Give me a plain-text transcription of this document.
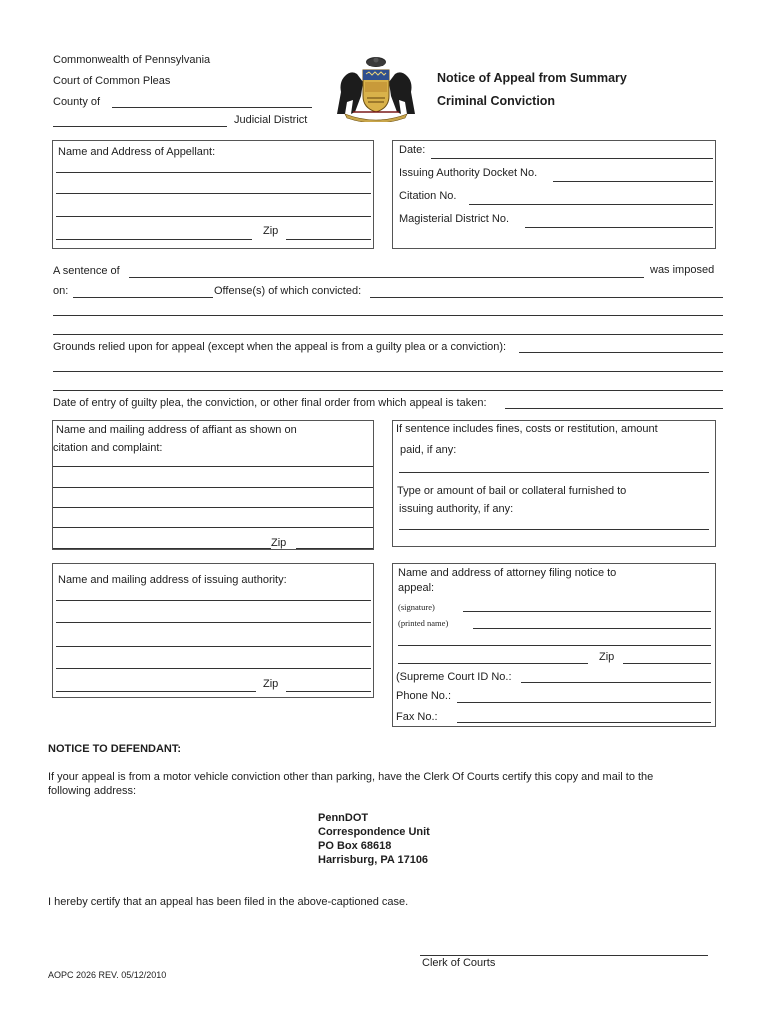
Commonwealth of Pennsylvania
Court of Common Pleas
County of
Judicial District
Notice of Appeal from Summary
Criminal Conviction
Name and Address of Appellant:
Zip
Date:
Issuing Authority Docket No.
Citation No.
Magisterial District No.
A sentence of	was imposed
on:	Offense(s) of which convicted:
Grounds relied upon for appeal (except when the appeal is from a guilty plea or a conviction):
Date of entry of guilty plea, the conviction, or other final order from which appeal is taken:
Name and mailing address of affiant as shown on
citation and complaint:
Zip
If sentence includes fines, costs or restitution, amount
paid, if any:
Type or amount of bail or collateral furnished to
issuing authority, if any:
Name and mailing address of issuing authority:
Zip
Name and address of attorney filing notice to
appeal:
(signature)
(printed name)
Zip
(Supreme Court ID No.:
Phone No.:
Fax No.:
NOTICE TO DEFENDANT:
If your appeal is from a motor vehicle conviction other than parking, have the Clerk Of Courts certify this copy and mail to the
following address:
PennDOT
Correspondence Unit
PO Box 68618
Harrisburg, PA 17106
I hereby certify that an appeal has been filed in the above-captioned case.
Clerk of Courts
AOPC 2026 REV. 05/12/2010
